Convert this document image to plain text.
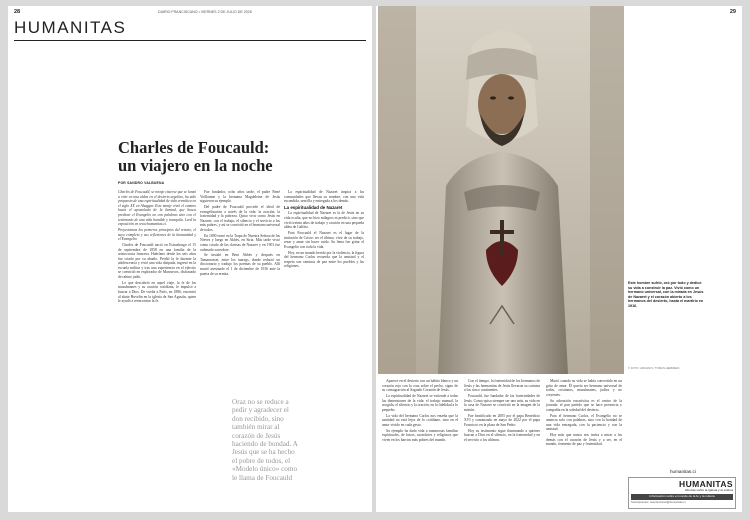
28	DIARIO FRANCISCANO • VIERNES 2 DE JULIO DE 2026
HUMANITAS
Charles de Foucauld:
un viajero en la noche
POR SANDRO VALBUENA

Charles de Foucauld, se monje cisterse que se lanzó a vivir en una aldea en el desierto argelino, ha sido propuesto de una espiritualidad de vida eremítica en el siglo XX en Ahaggar. Este monje vivió el camino hacia el apostolado de la Iamtad, que busca predicar el Evangelio no con palabras sino con el testimonio de una vida humilde y tranquila. Leed la exposición en www.humanitas.ci.

Proyectamos los primeros principios del retrato, el suyo completo y sus reflexiones de la humanidad y el Evangelio.

Charles de Foucauld nació en Estrasburgo el 15 de septiembre de 1858 en una familia de la aristocracia francesa. Huérfano desde los seis años fue criado por su abuelo. Perdió la fe durante la adolescencia y vivió una vida disipada, ingresó en la escuela militar y tras una experiencia en el ejército se convirtió en explorador de Marruecos, disfrazado de rabino judío.

Lo que descubrió en aquel viaje, la fe de los musulmanes y su oración cotidiana, le impulsó a buscar a Dios. De vuelta a París, en 1886, encontró al abate Huvelin en la iglesia de San Agustín, quien le ayudó a reencontrar la fe.

Fue fundador, ocho años tarde, el padre René Voillaume y la hermana Magdeleine de Jesús siguieron su ejemplo.

Del padre de Foucauld procede el ideal de evangelización a través de la vida: la oración, la fraternidad y la pobreza. Quiso vivir como Jesús en Nazaret, con el trabajo, el silencio y el servicio a los más pobres, y así se convirtió en el hermano universal de todos.

En 1890 entró en la Trapa de Nuestra Señora de las Nieves y luego en Akbès, en Siria. Más tarde vivió como criado de las clarisas de Nazaret y en 1901 fue ordenado sacerdote.

Se instaló en Beni Abbès y después en Tamanrasset, entre los tuaregs, donde redactó un diccionario y tradujo los poemas de su pueblo. Allí murió asesinado el 1 de diciembre de 1916 ante la puerta de su ermita.

Oraz no se reduce a pedir y agradecer el don recibido, sino también mirar al corazón de Jesús haciendo de bondad. A Jesús que se ha hecho el pobre de todos, el «Modelo único» como le llama de Foucauld

La espiritualidad de Nazaret inspira a las comunidades que llevan su nombre, con una vida escondida, sencilla y entregada a los demás.

La espiritualidad de Nazaret

La espiritualidad de Nazaret es la de Jesús en su vida oculta, que no hizo milagros ni predicó, sino que vivió treinta años de trabajo y oración en una pequeña aldea de Galilea.

Para Foucauld el Nazaret es el lugar de la imitación de Cristo: ser el último, vivir de su trabajo, rezar y amar sin hacer ruido. Su lema fue gritar el Evangelio con toda la vida.

Hoy, en un mundo herido por la violencia, la figura del hermano Carlos recuerda que la amistad y el respeto son caminos de paz entre los pueblos y las religiones.

29
Este hombre sufrió, oró por todo y dedicó su vida a construir la paz. Vivió como un hermano universal, con la mirada en Jesús de Nazaret y el corazón abierto a los hermanos del desierto, hasta el martirio en 1916.
© FOTO: ARCHIVO / TOMAS HERRERA

Aparece en el desierto con un hábito blanco y un corazón rojo con la cruz sobre el pecho, signo de su consagración al Sagrado Corazón de Jesús.

La espiritualidad de Nazaret se extiende a todas las dimensiones de la vida: el trabajo manual, la acogida, el silencio y la oración, en la fidelidad a lo pequeño.

La vida del hermano Carlos nos enseña que la santidad no está lejos de lo cotidiano, sino en el amor vivido en cada gesto.

Su ejemplo ha dado vida a numerosas familias espirituales, de laicos, sacerdotes y religiosos que viven en los barrios más pobres del mundo.

Con el tiempo, la fraternidad de los hermanos de Jesús y las hermanitas de Jesús llevaron su carisma a los cinco continentes.

Foucauld, fue fundador de las fraternidades de Jesús. Como quiso siempre ser uno más, su vida en la casa de Nazaret se convirtió en la imagen de la misión.

Fue beatificado en 2005 por el papa Benedicto XVI y canonizado en mayo de 2022 por el papa Francisco en la plaza de San Pedro.

Hoy su testimonio sigue iluminando a quienes buscan a Dios en el silencio, en la fraternidad y en el servicio a los últimos.

Murió cuando su vida se había convertido en un grito de amor. Él quería ser hermano universal de todos, cristianos, musulmanes, judíos y no creyentes.

Su adoración eucarística es el centro de la jornada: el pan partido que se hace presencia y compañía en la soledad del desierto.

Para el hermano Carlos, el Evangelio no se anuncia solo con palabras, sino con la bondad de una vida entregada, con la paciencia y con la amistad.

Hoy más que nunca nos invita a mirar a los demás con el corazón de Jesús y a ser, en el mundo, fermento de paz y fraternidad.

humanitas.ci
HUMANITAS
Revista sobre la Iglesia y la cultura
Información sobre el mundo de la fe y la cultura
Suscripciones: suscripciones@humanitas.ci
